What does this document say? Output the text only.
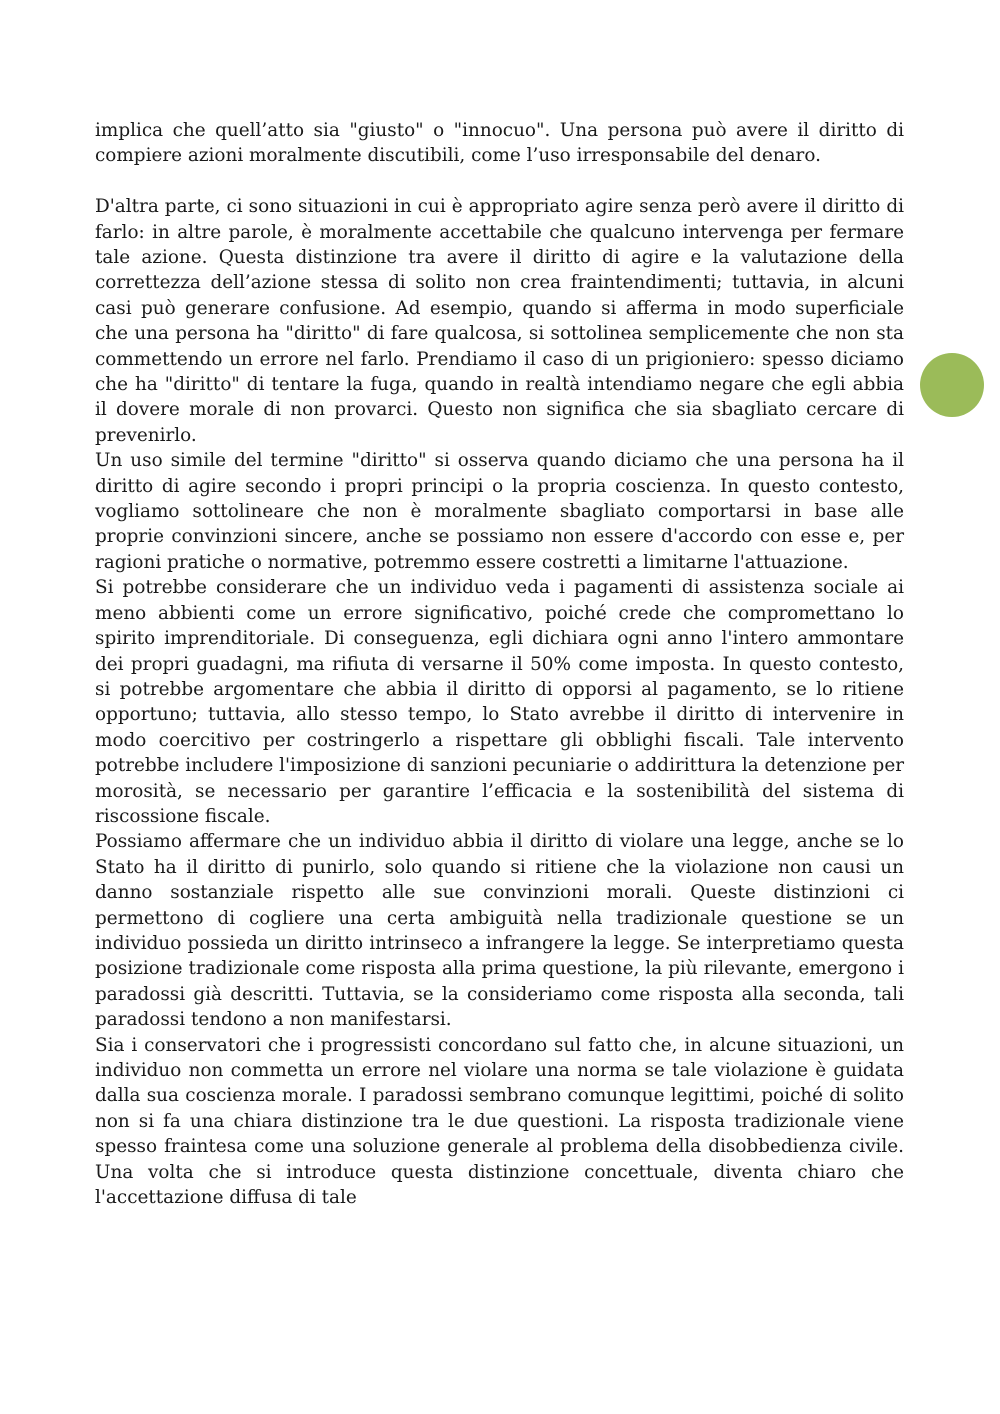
implica che quell’atto sia "giusto" o "innocuo". Una persona può avere il diritto di compiere azioni moralmente discutibili, come l’uso irresponsabile del denaro.

D'altra parte, ci sono situazioni in cui è appropriato agire senza però avere il diritto di farlo: in altre parole, è moralmente accettabile che qualcuno intervenga per fermare tale azione. Questa distinzione tra avere il diritto di agire e la valutazione della correttezza dell’azione stessa di solito non crea fraintendimenti; tuttavia, in alcuni casi può generare confusione. Ad esempio, quando si afferma in modo superficiale che una persona ha "diritto" di fare qualcosa, si sottolinea semplicemente che non sta commettendo un errore nel farlo. Prendiamo il caso di un prigioniero: spesso diciamo che ha "diritto" di tentare la fuga, quando in realtà intendiamo negare che egli abbia il dovere morale di non provarci. Questo non significa che sia sbagliato cercare di prevenirlo.

Un uso simile del termine "diritto" si osserva quando diciamo che una persona ha il diritto di agire secondo i propri principi o la propria coscienza. In questo contesto, vogliamo sottolineare che non è moralmente sbagliato comportarsi in base alle proprie convinzioni sincere, anche se possiamo non essere d'accordo con esse e, per ragioni pratiche o normative, potremmo essere costretti a limitarne l'attuazione.

Si potrebbe considerare che un individuo veda i pagamenti di assistenza sociale ai meno abbienti come un errore significativo, poiché crede che compromettano lo spirito imprenditoriale. Di conseguenza, egli dichiara ogni anno l'intero ammontare dei propri guadagni, ma rifiuta di versarne il 50% come imposta. In questo contesto, si potrebbe argomentare che abbia il diritto di opporsi al pagamento, se lo ritiene opportuno; tuttavia, allo stesso tempo, lo Stato avrebbe il diritto di intervenire in modo coercitivo per costringerlo a rispettare gli obblighi fiscali. Tale intervento potrebbe includere l'imposizione di sanzioni pecuniarie o addirittura la detenzione per morosità, se necessario per garantire l’efficacia e la sostenibilità del sistema di riscossione fiscale.

Possiamo affermare che un individuo abbia il diritto di violare una legge, anche se lo Stato ha il diritto di punirlo, solo quando si ritiene che la violazione non causi un danno sostanziale rispetto alle sue convinzioni morali. Queste distinzioni ci permettono di cogliere una certa ambiguità nella tradizionale questione se un individuo possieda un diritto intrinseco a infrangere la legge. Se interpretiamo questa posizione tradizionale come risposta alla prima questione, la più rilevante, emergono i paradossi già descritti. Tuttavia, se la consideriamo come risposta alla seconda, tali paradossi tendono a non manifestarsi.

Sia i conservatori che i progressisti concordano sul fatto che, in alcune situazioni, un individuo non commetta un errore nel violare una norma se tale violazione è guidata dalla sua coscienza morale. I paradossi sembrano comunque legittimi, poiché di solito non si fa una chiara distinzione tra le due questioni. La risposta tradizionale viene spesso fraintesa come una soluzione generale al problema della disobbedienza civile. Una volta che si introduce questa distinzione concettuale, diventa chiaro che l'accettazione diffusa di tale
